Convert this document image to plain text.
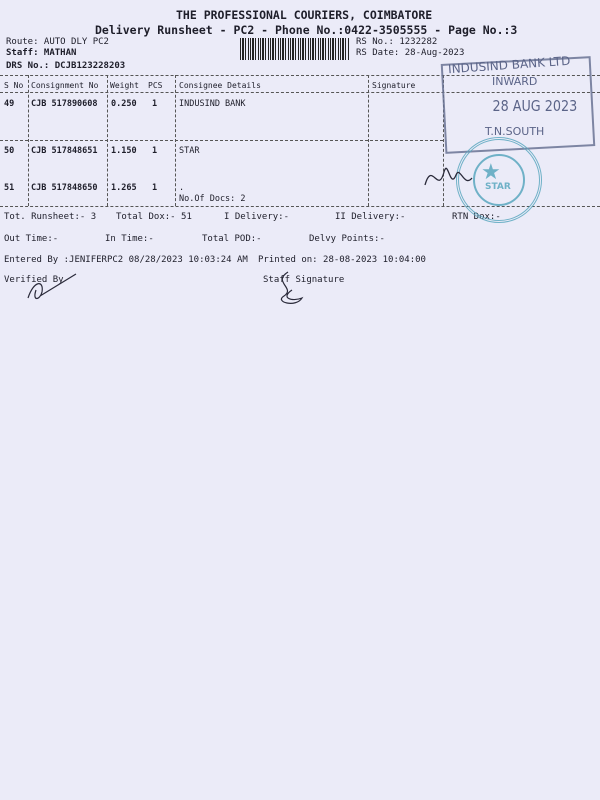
THE PROFESSIONAL COURIERS, COIMBATORE
Delivery Runsheet - PC2 - Phone No.:0422-3505555 - Page No.:3
Route: AUTO DLY PC2
Staff: MATHAN
DRS No.: DCJB123228203
RS No.: 1232282
RS Date: 28-Aug-2023
S No Consignment No Weight PCS Consignee Details	Signature
49 CJB 517890608 0.250 1	INDUSIND BANK
50 CJB 517848651 1.150 1	STAR
51 CJB 517848650 1.265 1	.
No.Of Docs: 2
Tot. Runsheet:- 3 Total Dox:- 51	I Delivery:-	II Delivery:-	RTN Dox:-
Out Time:-	In Time:-	Total POD:-	Delvy Points:-
Entered By :JENIFERPC2 08/28/2023 10:03:24 AM Printed on: 28-08-2023 10:04:00
Verified By	Staff Signature
INDUSIND BANK LTD
INWARD
28 AUG 2023
T.N.SOUTH
★
STAR
